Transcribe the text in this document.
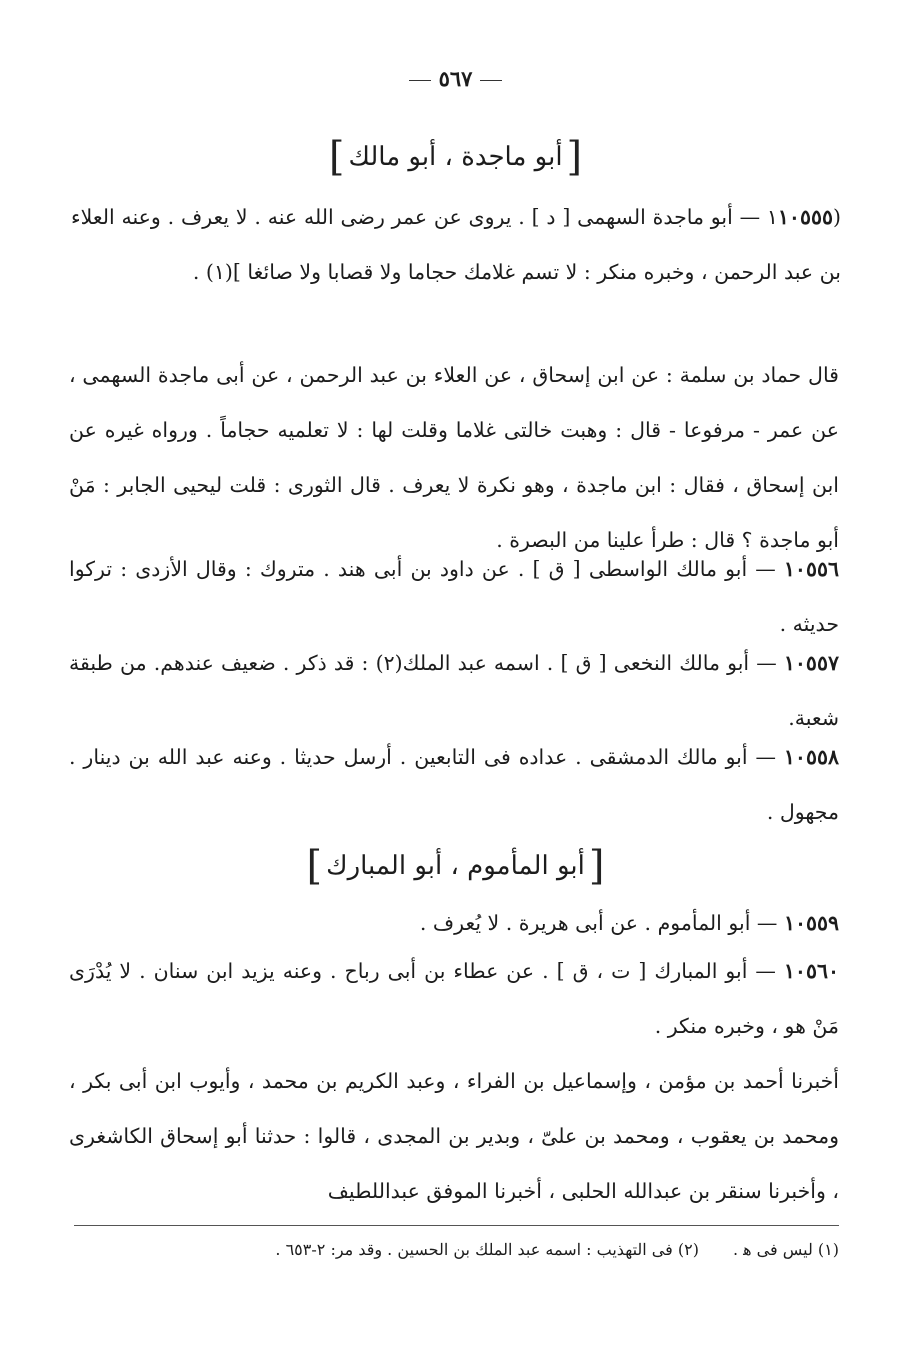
٥٦٧
[أبو ماجدة ، أبو مالك]
(١١٠٥٥٥ — أبو ماجدة السهمى [ د ] . يروى عن عمر رضى الله عنه . لا يعرف . وعنه العلاء بن عبد الرحمن ، وخبره منكر : لا تسم غلامك حجاما ولا قصابا ولا صائغا ](١) .
قال حماد بن سلمة : عن ابن إسحاق ، عن العلاء بن عبد الرحمن ، عن أبى ماجدة السهمى ، عن عمر - مرفوعا - قال : وهبت خالتى غلاما وقلت لها : لا تعلميه حجاماً . ورواه غيره عن ابن إسحاق ، فقال : ابن ماجدة ، وهو نكرة لا يعرف . قال الثورى : قلت ليحيى الجابر : مَنْ أبو ماجدة ؟ قال : طرأ علينا من البصرة .
١٠٥٥٦ — أبو مالك الواسطى [ ق ] . عن داود بن أبى هند . متروك : وقال الأزدى : تركوا حديثه .
١٠٥٥٧ — أبو مالك النخعى [ ق ] . اسمه عبد الملك(٢) : قد ذكر . ضعيف عندهم. من طبقة شعبة.
١٠٥٥٨ — أبو مالك الدمشقى . عداده فى التابعين . أرسل حديثا . وعنه عبد الله بن دينار . مجهول .
[أبو المأموم ، أبو المبارك]
١٠٥٥٩ — أبو المأموم . عن أبى هريرة . لا يُعرف .
١٠٥٦٠ — أبو المبارك [ ت ، ق ] . عن عطاء بن أبى رباح . وعنه يزيد ابن سنان . لا يُدْرَى مَنْ هو ، وخبره منكر .
أخبرنا أحمد بن مؤمن ، وإسماعيل بن الفراء ، وعبد الكريم بن محمد ، وأيوب ابن أبى بكر ، ومحمد بن يعقوب ، ومحمد بن علىّ ، وبدير بن المجدى ، قالوا : حدثنا أبو إسحاق الكاشغرى ، وأخبرنا سنقر بن عبدالله الحلبى ، أخبرنا الموفق عبداللطيف
(١) ليس فى ﻫ .(٢) فى التهذيب : اسمه عبد الملك بن الحسين . وقد مر: ٢-٦٥٣ .
